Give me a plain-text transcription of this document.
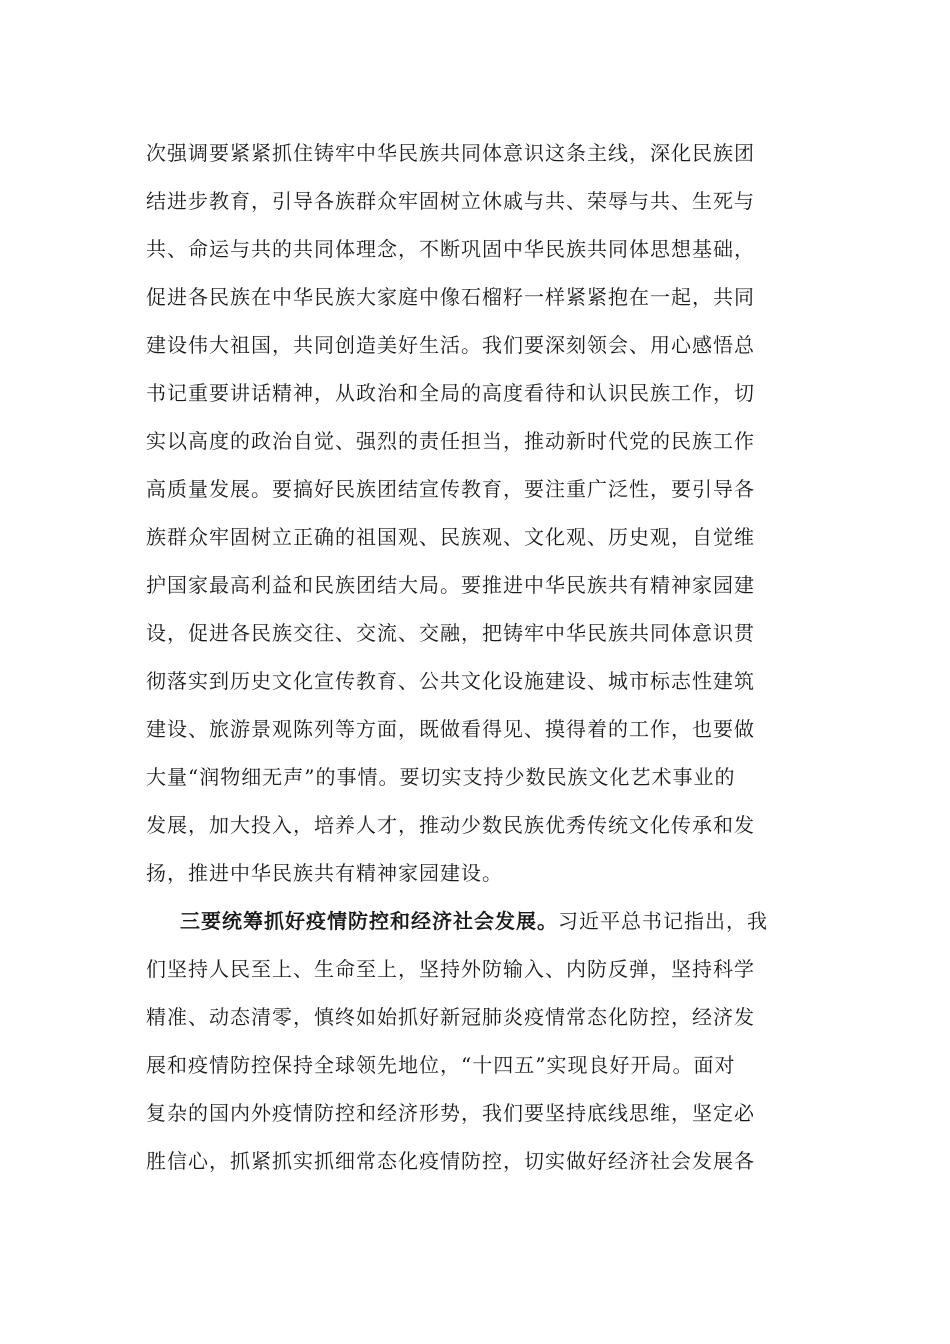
次强调要紧紧抓住铸牢中华民族共同体意识这条主线，深化民族团
结进步教育，引导各族群众牢固树立休戚与共、荣辱与共、生死与
共、命运与共的共同体理念，不断巩固中华民族共同体思想基础，
促进各民族在中华民族大家庭中像石榴籽一样紧紧抱在一起，共同
建设伟大祖国，共同创造美好生活。我们要深刻领会、用心感悟总
书记重要讲话精神，从政治和全局的高度看待和认识民族工作，切
实以高度的政治自觉、强烈的责任担当，推动新时代党的民族工作
高质量发展。要搞好民族团结宣传教育，要注重广泛性，要引导各
族群众牢固树立正确的祖国观、民族观、文化观、历史观，自觉维
护国家最高利益和民族团结大局。要推进中华民族共有精神家园建
设，促进各民族交往、交流、交融，把铸牢中华民族共同体意识贯
彻落实到历史文化宣传教育、公共文化设施建设、城市标志性建筑
建设、旅游景观陈列等方面，既做看得见、摸得着的工作，也要做
大量“润物细无声”的事情。要切实支持少数民族文化艺术事业的
发展，加大投入，培养人才，推动少数民族优秀传统文化传承和发
扬，推进中华民族共有精神家园建设。
三要统筹抓好疫情防控和经济社会发展。习近平总书记指出，我
们坚持人民至上、生命至上，坚持外防输入、内防反弹，坚持科学
精准、动态清零，慎终如始抓好新冠肺炎疫情常态化防控，经济发
展和疫情防控保持全球领先地位，“十四五”实现良好开局。面对
复杂的国内外疫情防控和经济形势，我们要坚持底线思维，坚定必
胜信心，抓紧抓实抓细常态化疫情防控，切实做好经济社会发展各
